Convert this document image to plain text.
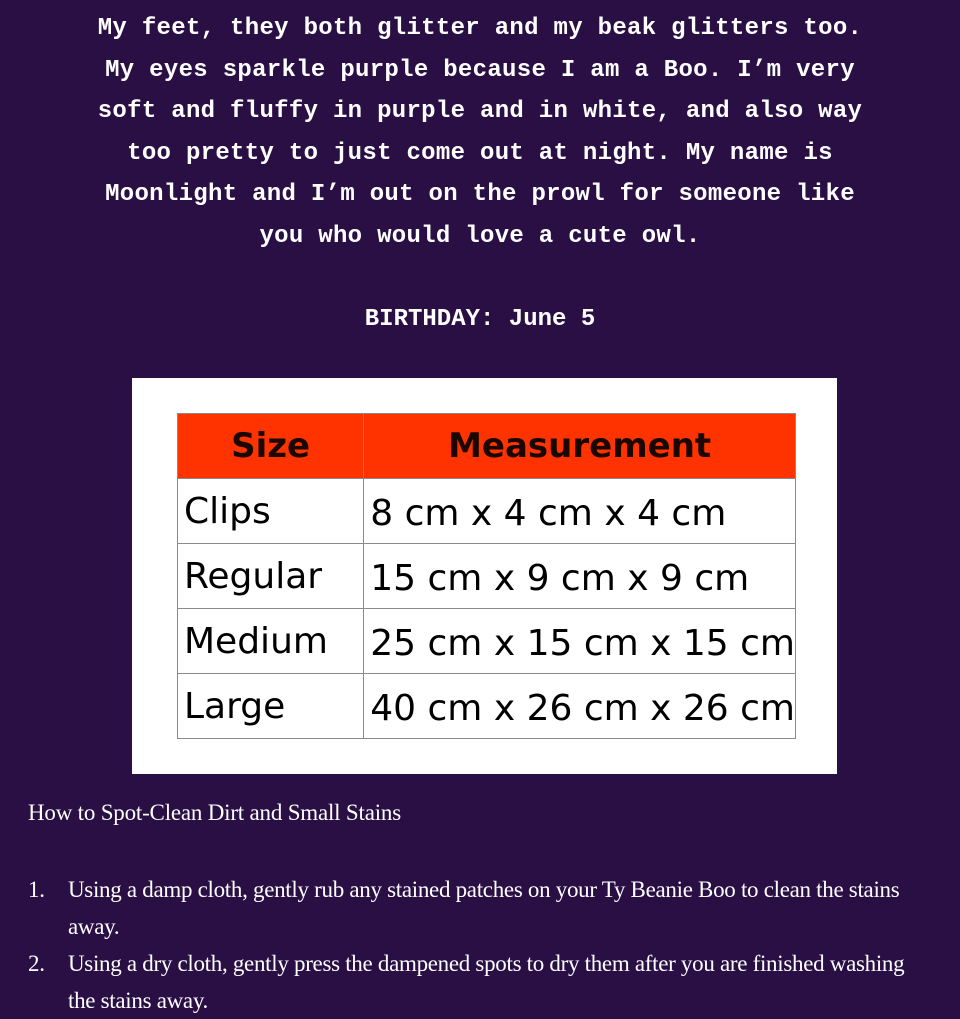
My feet, they both glitter and my beak glitters too.
My eyes sparkle purple because I am a Boo. I’m very
soft and fluffy in purple and in white, and also way
too pretty to just come out at night. My name is
Moonlight and I’m out on the prowl for someone like
you who would love a cute owl.
BIRTHDAY: June 5
Size	Measurement
Clips	8 cm x 4 cm x 4 cm
Regular	15 cm x 9 cm x 9 cm
Medium	25 cm x 15 cm x 15 cm
Large	40 cm x 26 cm x 26 cm
How to Spot-Clean Dirt and Small Stains
1. Using a damp cloth, gently rub any stained patches on your Ty Beanie Boo to clean the stains away.
2. Using a dry cloth, gently press the dampened spots to dry them after you are finished washing the stains away.
